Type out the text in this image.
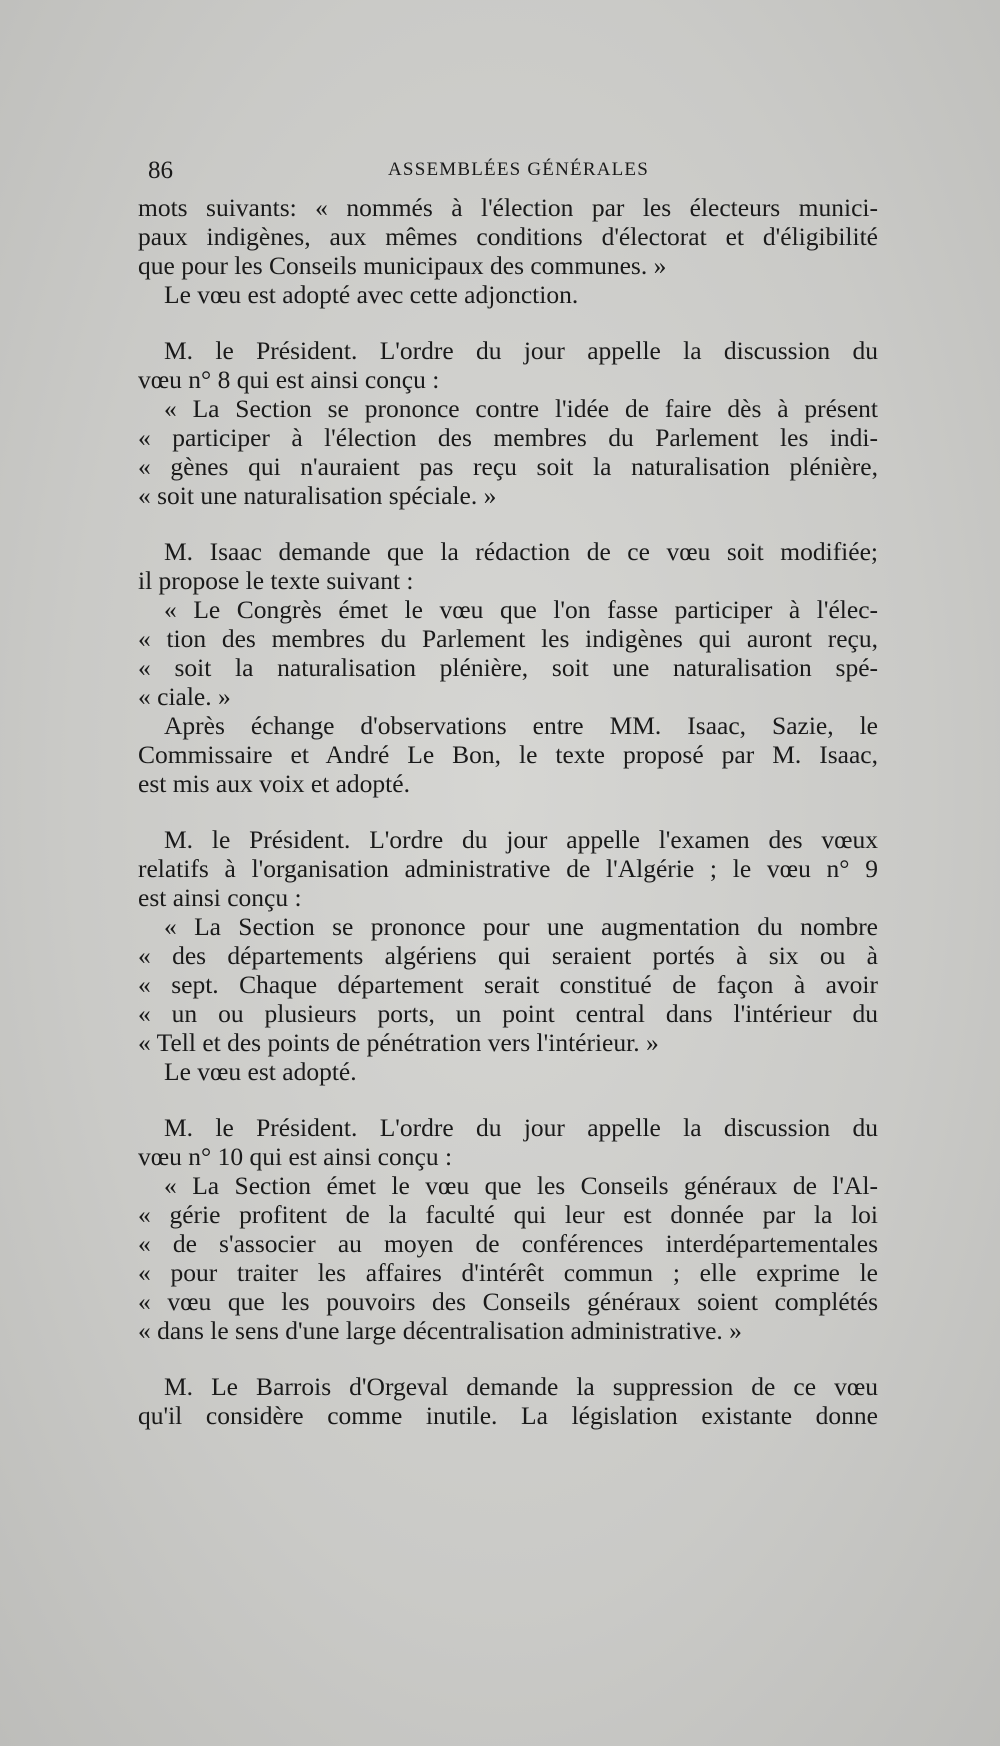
86	ASSEMBLÉES GÉNÉRALES
mots suivants: « nommés à l'élection par les électeurs munici-
paux indigènes, aux mêmes conditions d'électorat et d'éligibilité
que pour les Conseils municipaux des communes. »
Le vœu est adopté avec cette adjonction.
M. le Président. L'ordre du jour appelle la discussion du
vœu n° 8 qui est ainsi conçu :
« La Section se prononce contre l'idée de faire dès à présent
« participer à l'élection des membres du Parlement les indi-
« gènes qui n'auraient pas reçu soit la naturalisation plénière,
« soit une naturalisation spéciale. »
M. Isaac demande que la rédaction de ce vœu soit modifiée;
il propose le texte suivant :
« Le Congrès émet le vœu que l'on fasse participer à l'élec-
« tion des membres du Parlement les indigènes qui auront reçu,
« soit la naturalisation plénière, soit une naturalisation spé-
« ciale. »
Après échange d'observations entre MM. Isaac, Sazie, le
Commissaire et André Le Bon, le texte proposé par M. Isaac,
est mis aux voix et adopté.
M. le Président. L'ordre du jour appelle l'examen des vœux
relatifs à l'organisation administrative de l'Algérie ; le vœu n° 9
est ainsi conçu :
« La Section se prononce pour une augmentation du nombre
« des départements algériens qui seraient portés à six ou à
« sept. Chaque département serait constitué de façon à avoir
« un ou plusieurs ports, un point central dans l'intérieur du
« Tell et des points de pénétration vers l'intérieur. »
Le vœu est adopté.
M. le Président. L'ordre du jour appelle la discussion du
vœu n° 10 qui est ainsi conçu :
« La Section émet le vœu que les Conseils généraux de l'Al-
« gérie profitent de la faculté qui leur est donnée par la loi
« de s'associer au moyen de conférences interdépartementales
« pour traiter les affaires d'intérêt commun ; elle exprime le
« vœu que les pouvoirs des Conseils généraux soient complétés
« dans le sens d'une large décentralisation administrative. »
M. Le Barrois d'Orgeval demande la suppression de ce vœu
qu'il considère comme inutile. La législation existante donne
